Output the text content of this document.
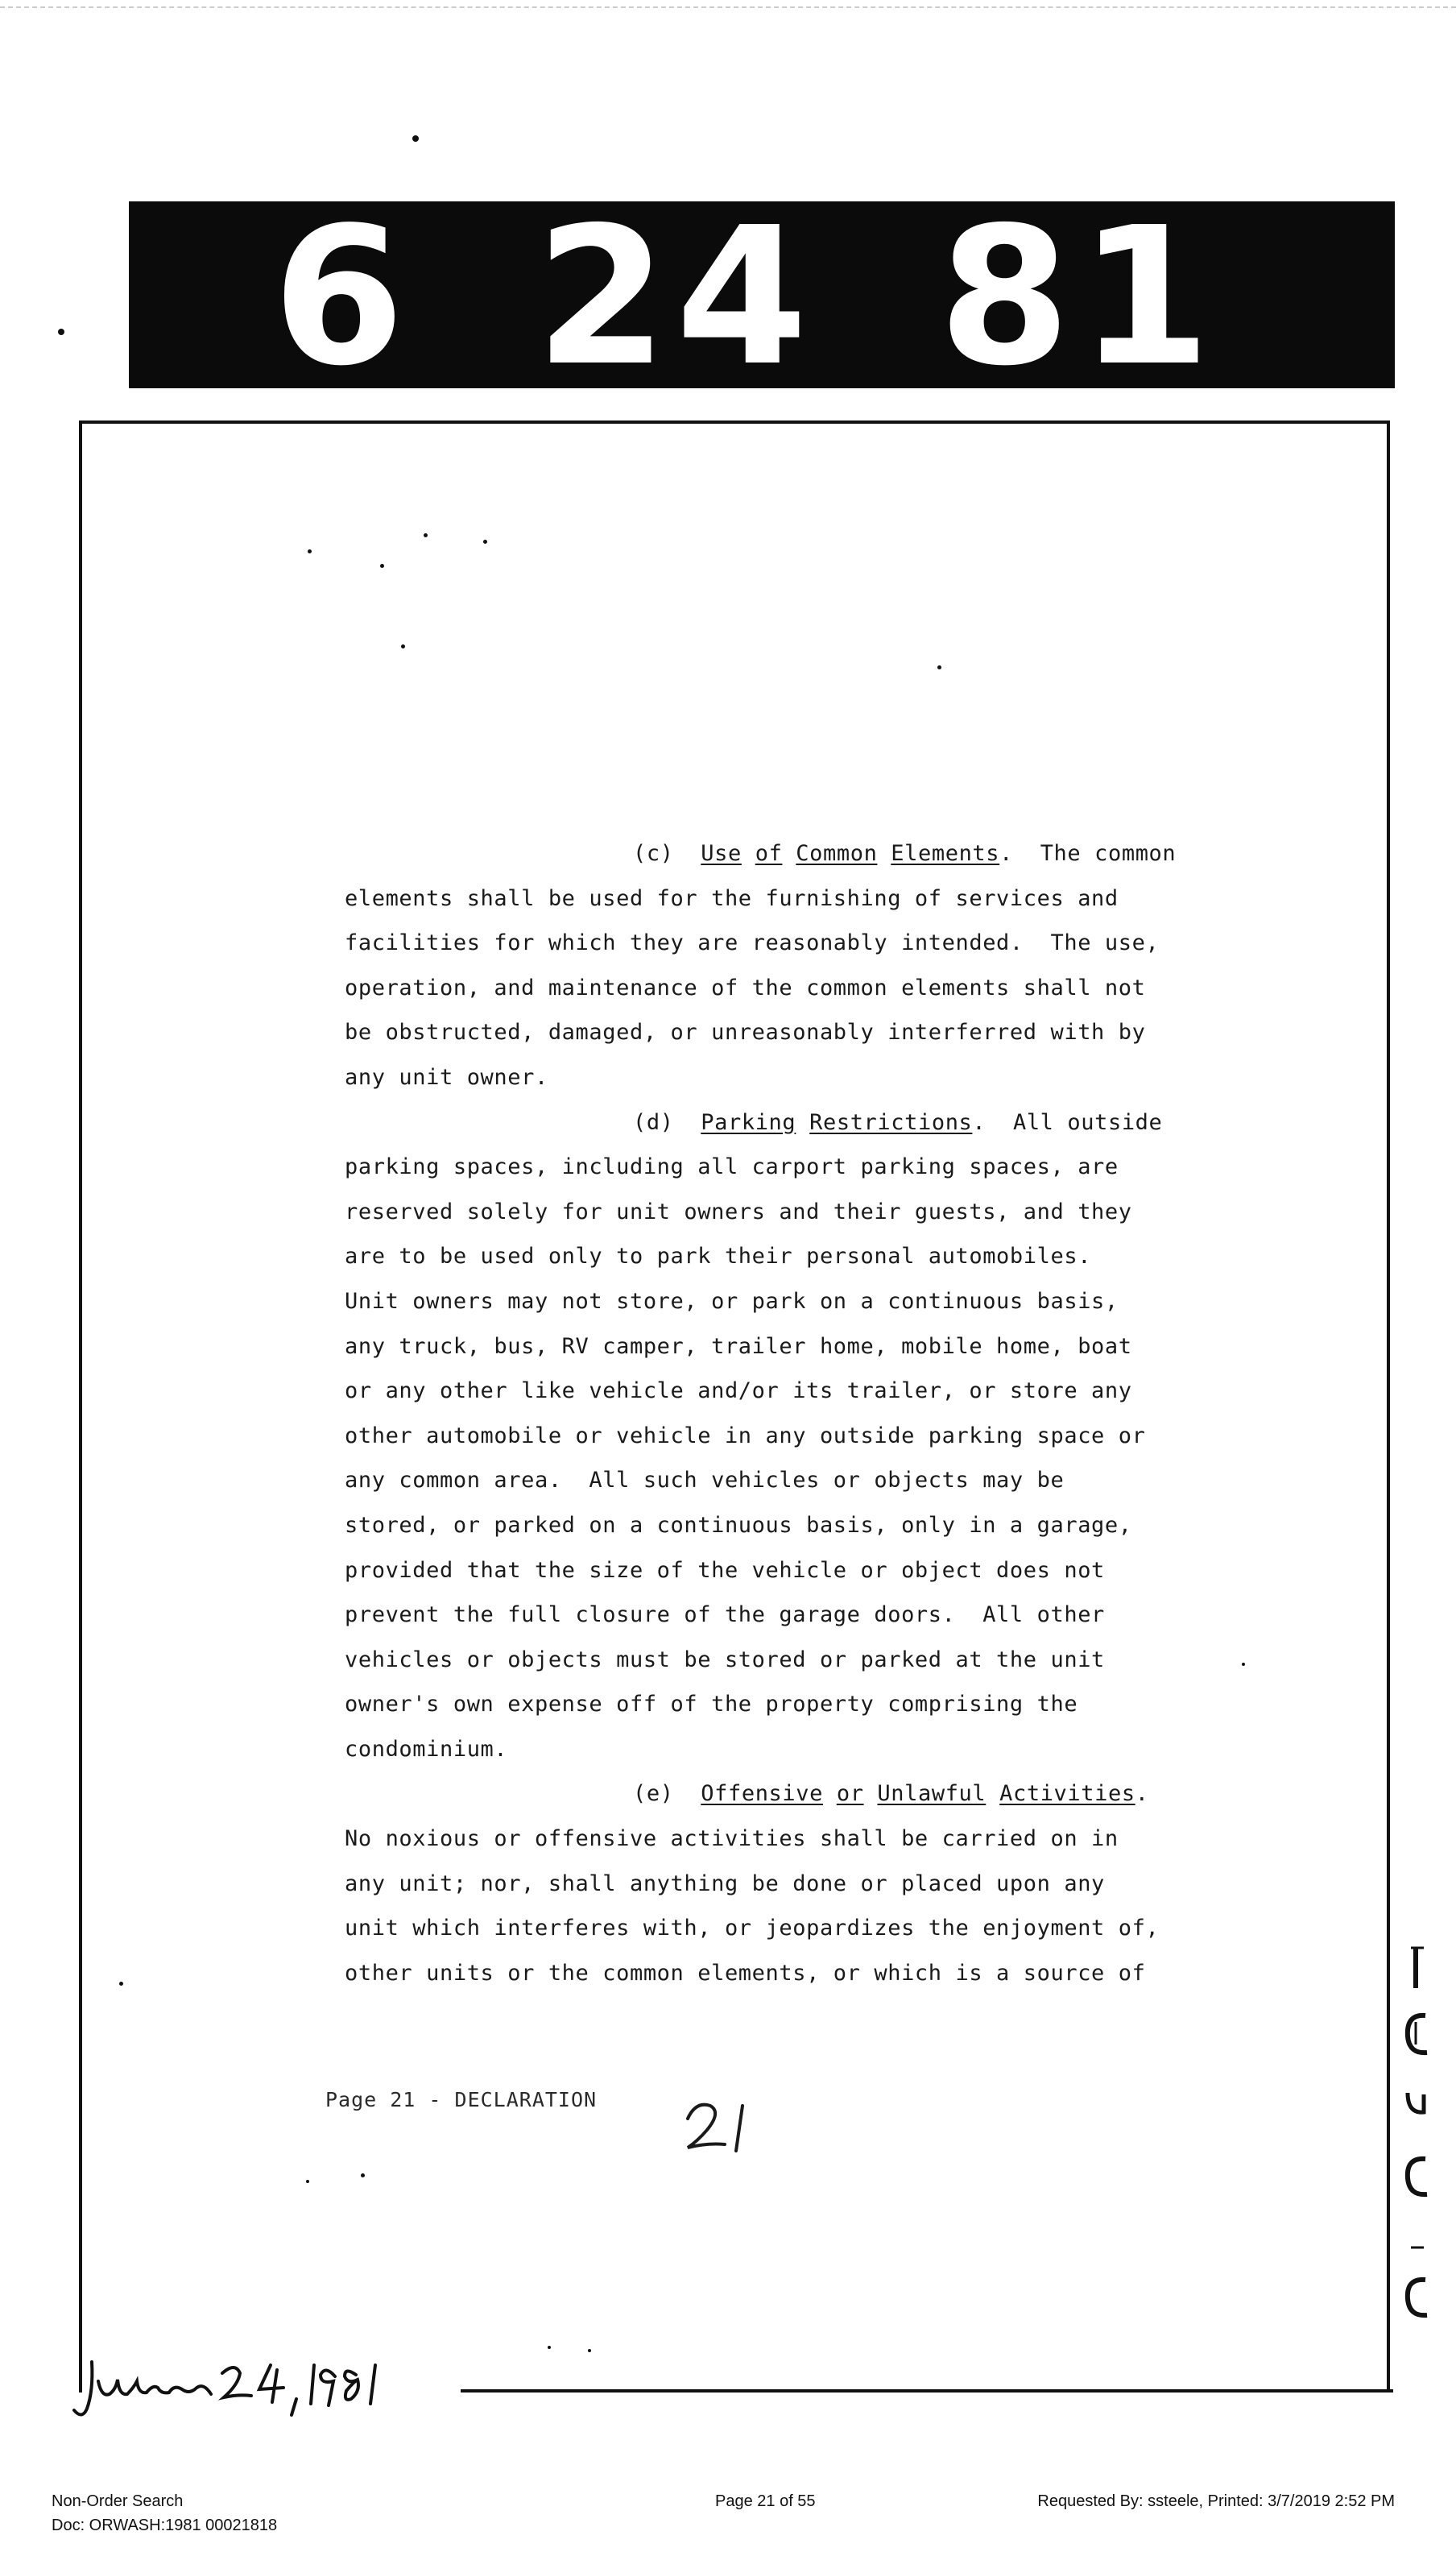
6 24 81
(c)  Use of Common Elements.  The common
elements shall be used for the furnishing of services and
facilities for which they are reasonably intended.  The use,
operation, and maintenance of the common elements shall not
be obstructed, damaged, or unreasonably interferred with by
any unit owner.
(d)  Parking Restrictions.  All outside
parking spaces, including all carport parking spaces, are
reserved solely for unit owners and their guests, and they
are to be used only to park their personal automobiles.
Unit owners may not store, or park on a continuous basis,
any truck, bus, RV camper, trailer home, mobile home, boat
or any other like vehicle and/or its trailer, or store any
other automobile or vehicle in any outside parking space or
any common area.  All such vehicles or objects may be
stored, or parked on a continuous basis, only in a garage,
provided that the size of the vehicle or object does not
prevent the full closure of the garage doors.  All other
vehicles or objects must be stored or parked at the unit
owner's own expense off of the property comprising the
condominium.
(e)  Offensive or Unlawful Activities.
No noxious or offensive activities shall be carried on in
any unit; nor, shall anything be done or placed upon any
unit which interferes with, or jeopardizes the enjoyment of,
other units or the common elements, or which is a source of
Page 21 - DECLARATION
Non-Order Search
Doc: ORWASH:1981 00021818
Page 21 of 55	Requested By: ssteele, Printed: 3/7/2019 2:52 PM
